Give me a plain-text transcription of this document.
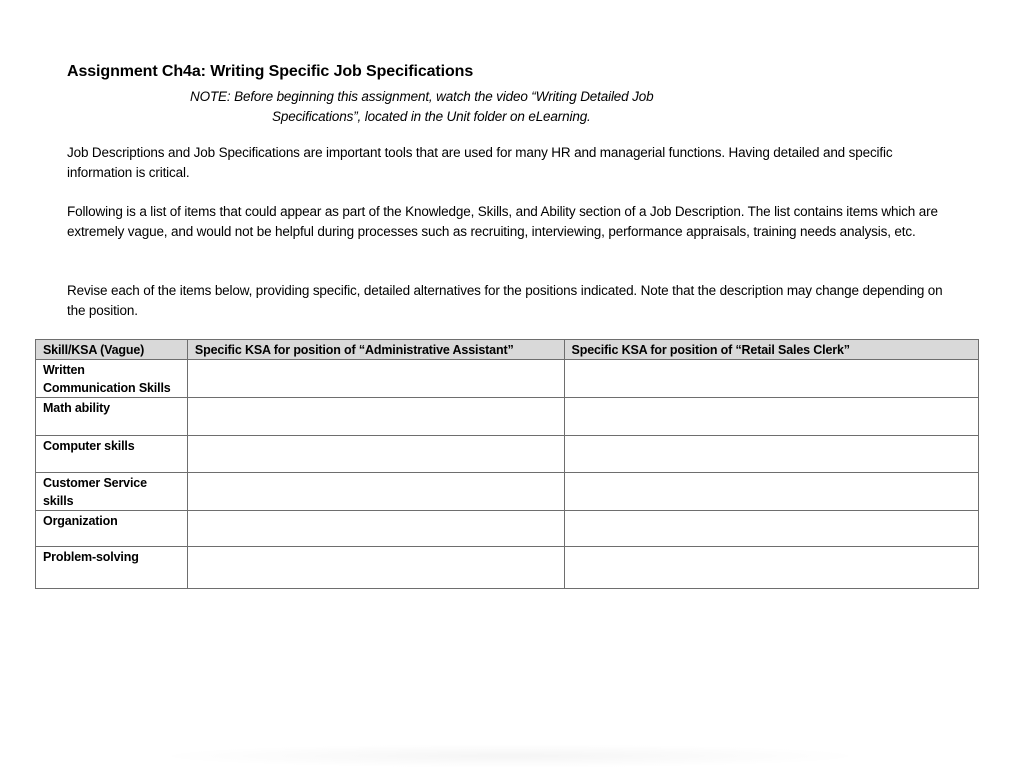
Assignment Ch4a: Writing Specific Job Specifications

NOTE: Before beginning this assignment, watch the video “Writing Detailed Job
Specifications”, located in the Unit folder on eLearning.

Job Descriptions and Job Specifications are important tools that are used for many HR and managerial functions. Having detailed and specific information is critical.

Following is a list of items that could appear as part of the Knowledge, Skills, and Ability section of a Job Description. The list contains items which are extremely vague, and would not be helpful during processes such as recruiting, interviewing, performance appraisals, training needs analysis, etc.

Revise each of the items below, providing specific, detailed alternatives for the positions indicated. Note that the description may change depending on the position.

Skill/KSA (Vague)	Specific KSA for position of “Administrative Assistant”	Specific KSA for position of “Retail Sales Clerk”
Written Communication Skills		
Math ability		
Computer skills		
Customer Service skills		
Organization		
Problem-solving		
